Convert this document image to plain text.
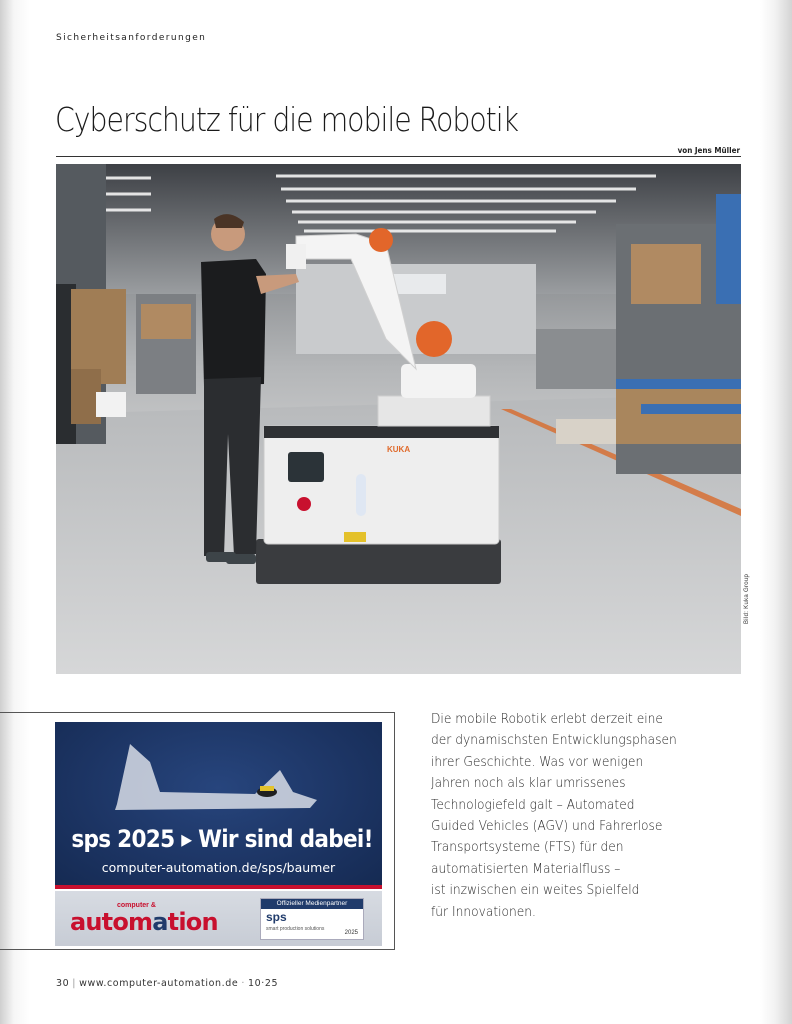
Sicherheitsanforderungen
Cyberschutz für die mobile Robotik
von Jens Müller
KUKA
Bild: Kuka Group
sps 2025 ▸ Wir sind dabei!
computer-automation.de/sps/baumer
computer &
automation
Offizieller Medienpartner
sps
smart production solutions
2025
Die mobile Robotik erlebt derzeit eine
der dynamischsten Entwicklungsphasen
ihrer Geschichte. Was vor wenigen
Jahren noch als klar umrissenes
Technologiefeld galt – Automated
Guided Vehicles (AGV) und Fahrerlose
Transportsysteme (FTS) für den
automatisierten Materialfluss –
ist inzwischen ein weites Spielfeld
für Innovationen.
30 | www.computer-automation.de · 10·25
